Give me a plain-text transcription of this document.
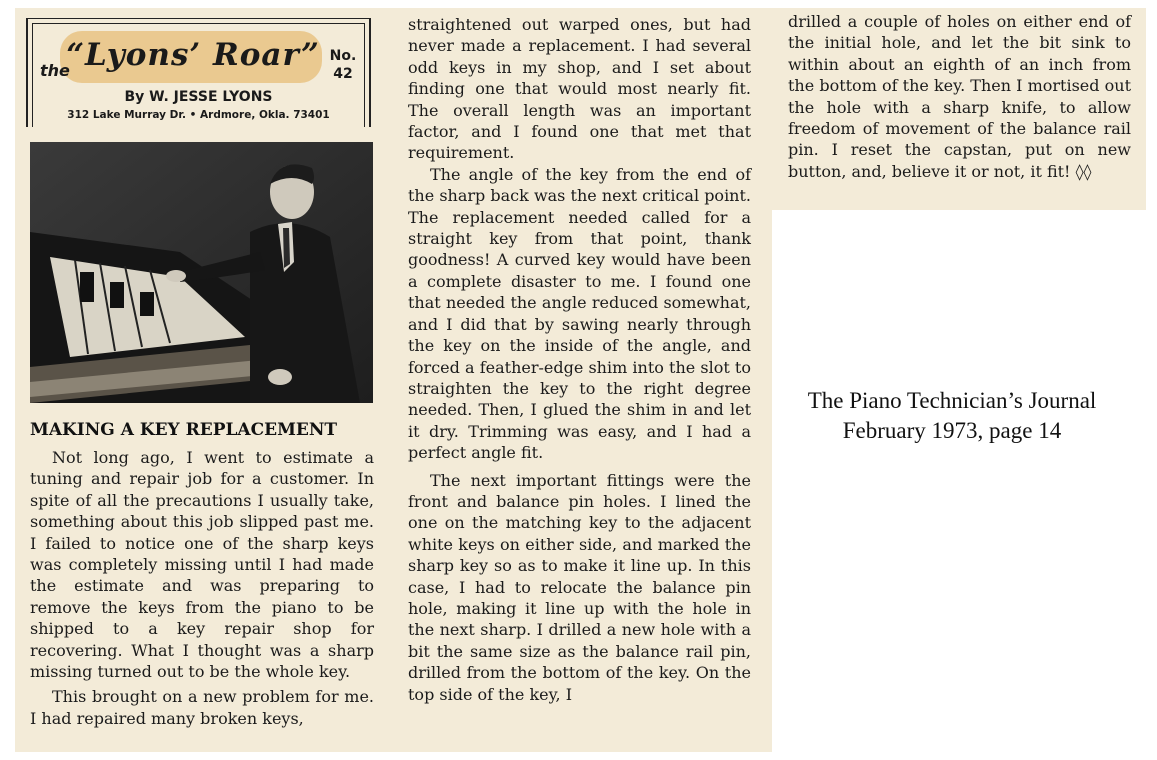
the
“Lyons’ Roar” No.
42
By W. JESSE LYONS
312 Lake Murray Dr. • Ardmore, Okla. 73401
MAKING A KEY REPLACEMENT

Not long ago, I went to estimate a tuning and repair job for a customer. In spite of all the precautions I usually take, something about this job slipped past me. I failed to notice one of the sharp keys was completely missing until I had made the estimate and was preparing to remove the keys from the piano to be shipped to a key repair shop for recovering. What I thought was a sharp missing turned out to be the whole key.

This brought on a new problem for me. I had repaired many broken keys,

straightened out warped ones, but had never made a replacement. I had several odd keys in my shop, and I set about finding one that would most nearly fit. The overall length was an important factor, and I found one that met that requirement.

The angle of the key from the end of the sharp back was the next critical point. The replacement needed called for a straight key from that point, thank goodness! A curved key would have been a complete disaster to me. I found one that needed the angle reduced somewhat, and I did that by sawing nearly through the key on the inside of the angle, and forced a feather-edge shim into the slot to straighten the key to the right degree needed. Then, I glued the shim in and let it dry. Trimming was easy, and I had a perfect angle fit.

The next important fittings were the front and balance pin holes. I lined the one on the matching key to the adjacent white keys on either side, and marked the sharp key so as to make it line up. In this case, I had to relocate the balance pin hole, making it line up with the hole in the next sharp. I drilled a new hole with a bit the same size as the balance rail pin, drilled from the bottom of the key. On the top side of the key, I

drilled a couple of holes on either end of the initial hole, and let the bit sink to within about an eighth of an inch from the bottom of the key. Then I mortised out the hole with a sharp knife, to allow freedom of movement of the balance rail pin. I reset the capstan, put on new button, and, believe it or not, it fit! ◊◊

The Piano Technician’s Journal
February 1973, page 14
